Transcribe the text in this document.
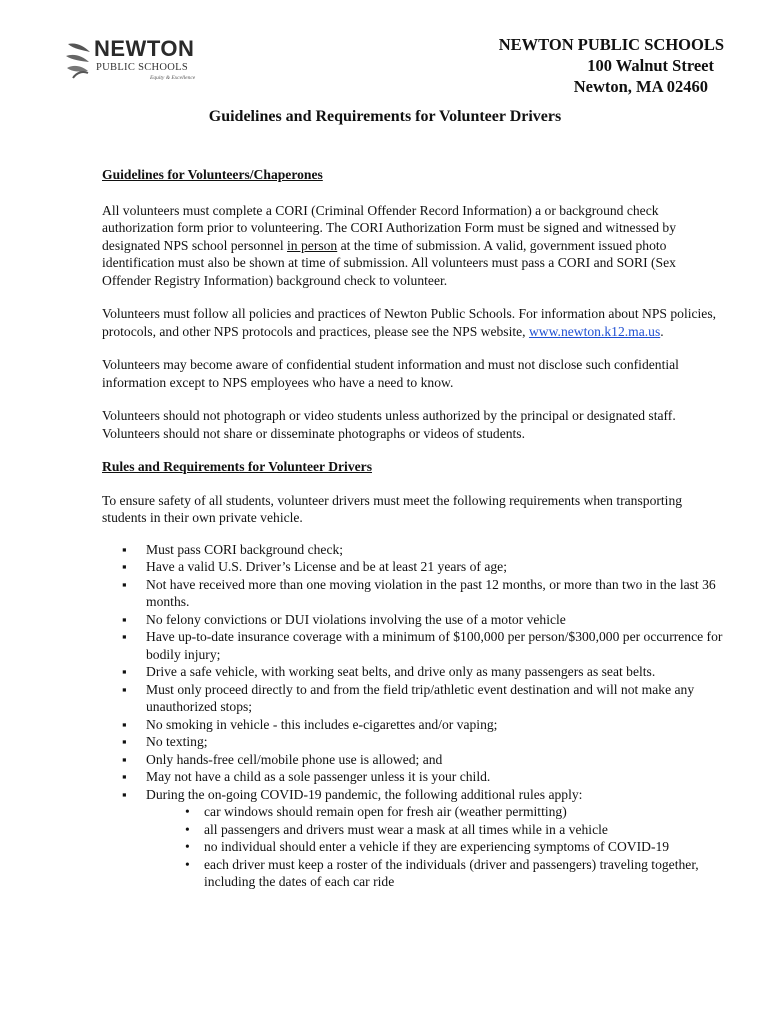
NEWTON
PUBLIC SCHOOLS
Equity & Excellence
NEWTON PUBLIC SCHOOLS
100 Walnut Street
Newton, MA 02460
Guidelines and Requirements for Volunteer Drivers
Guidelines for Volunteers/Chaperones

All volunteers must complete a CORI (Criminal Offender Record Information) a or background check authorization form prior to volunteering. The CORI Authorization Form must be signed and witnessed by designated NPS school personnel in person at the time of submission. A valid, government issued photo identification must also be shown at time of submission. All volunteers must pass a CORI and SORI (Sex Offender Registry Information) background check to volunteer.

Volunteers must follow all policies and practices of Newton Public Schools. For information about NPS policies, protocols, and other NPS protocols and practices, please see the NPS website, www.newton.k12.ma.us.

Volunteers may become aware of confidential student information and must not disclose such confidential information except to NPS employees who have a need to know.

Volunteers should not photograph or video students unless authorized by the principal or designated staff. Volunteers should not share or disseminate photographs or videos of students.

Rules and Requirements for Volunteer Drivers

To ensure safety of all students, volunteer drivers must meet the following requirements when transporting students in their own private vehicle.

▪ Must pass CORI background check;
▪ Have a valid U.S. Driver’s License and be at least 21 years of age;
▪ Not have received more than one moving violation in the past 12 months, or more than two in the last 36 months.
▪ No felony convictions or DUI violations involving the use of a motor vehicle
▪ Have up-to-date insurance coverage with a minimum of $100,000 per person/$300,000 per occurrence for bodily injury;
▪ Drive a safe vehicle, with working seat belts, and drive only as many passengers as seat belts.
▪ Must only proceed directly to and from the field trip/athletic event destination and will not make any unauthorized stops;
▪ No smoking in vehicle - this includes e-cigarettes and/or vaping;
▪ No texting;
▪ Only hands-free cell/mobile phone use is allowed; and
▪ May not have a child as a sole passenger unless it is your child.
▪ During the on-going COVID-19 pandemic, the following additional rules apply:
• car windows should remain open for fresh air (weather permitting)
• all passengers and drivers must wear a mask at all times while in a vehicle
• no individual should enter a vehicle if they are experiencing symptoms of COVID-19
• each driver must keep a roster of the individuals (driver and passengers) traveling together, including the dates of each car ride
